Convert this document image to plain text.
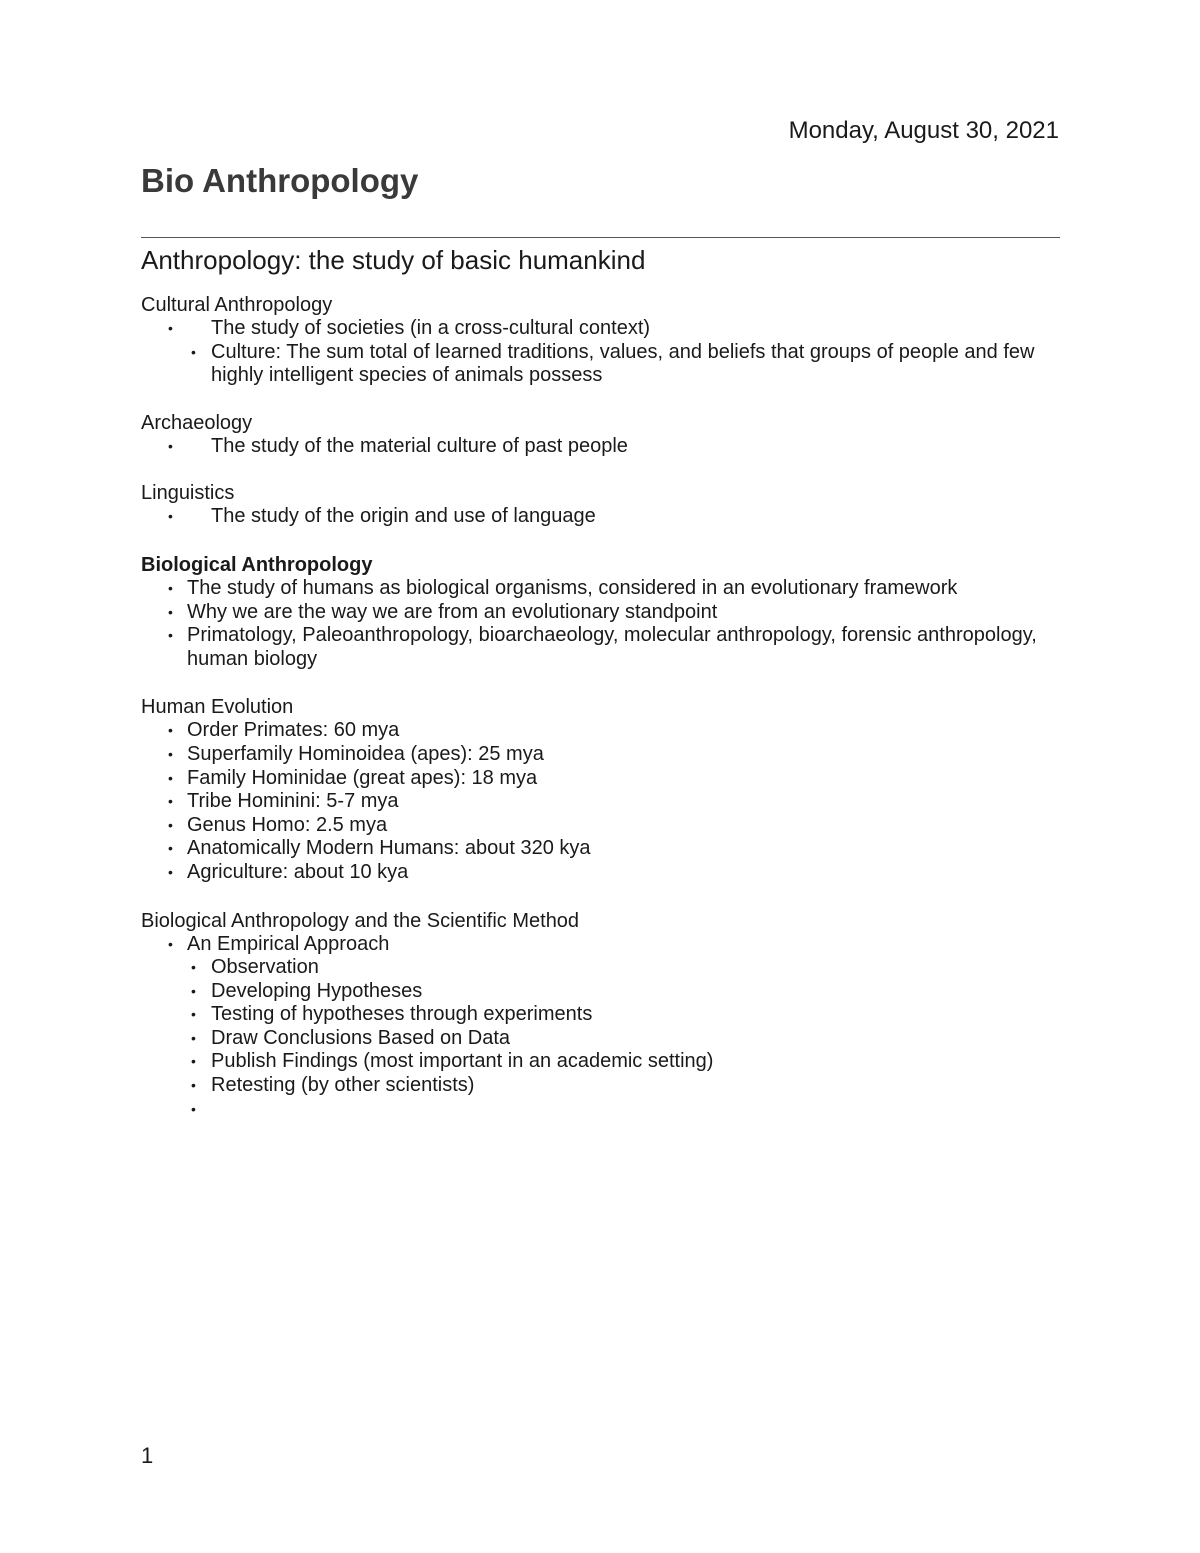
Monday, August 30, 2021
Bio Anthropology
Anthropology: the study of basic humankind

Cultural Anthropology

• The study of societies (in a cross-cultural context)
• Culture: The sum total of learned traditions, values, and beliefs that groups of people and few highly intelligent species of animals possess

Archaeology

• The study of the material culture of past people

Linguistics

• The study of the origin and use of language

Biological Anthropology

• The study of humans as biological organisms, considered in an evolutionary framework
• Why we are the way we are from an evolutionary standpoint
• Primatology, Paleoanthropology, bioarchaeology, molecular anthropology, forensic anthropology, human biology

Human Evolution

• Order Primates: 60 mya
• Superfamily Hominoidea (apes): 25 mya
• Family Hominidae (great apes): 18 mya
• Tribe Hominini: 5-7 mya
• Genus Homo: 2.5 mya
• Anatomically Modern Humans: about 320 kya
• Agriculture: about 10 kya

Biological Anthropology and the Scientific Method

• An Empirical Approach
• Observation
• Developing Hypotheses
• Testing of hypotheses through experiments
• Draw Conclusions Based on Data
• Publish Findings (most important in an academic setting)
• Retesting (by other scientists)
•
1
